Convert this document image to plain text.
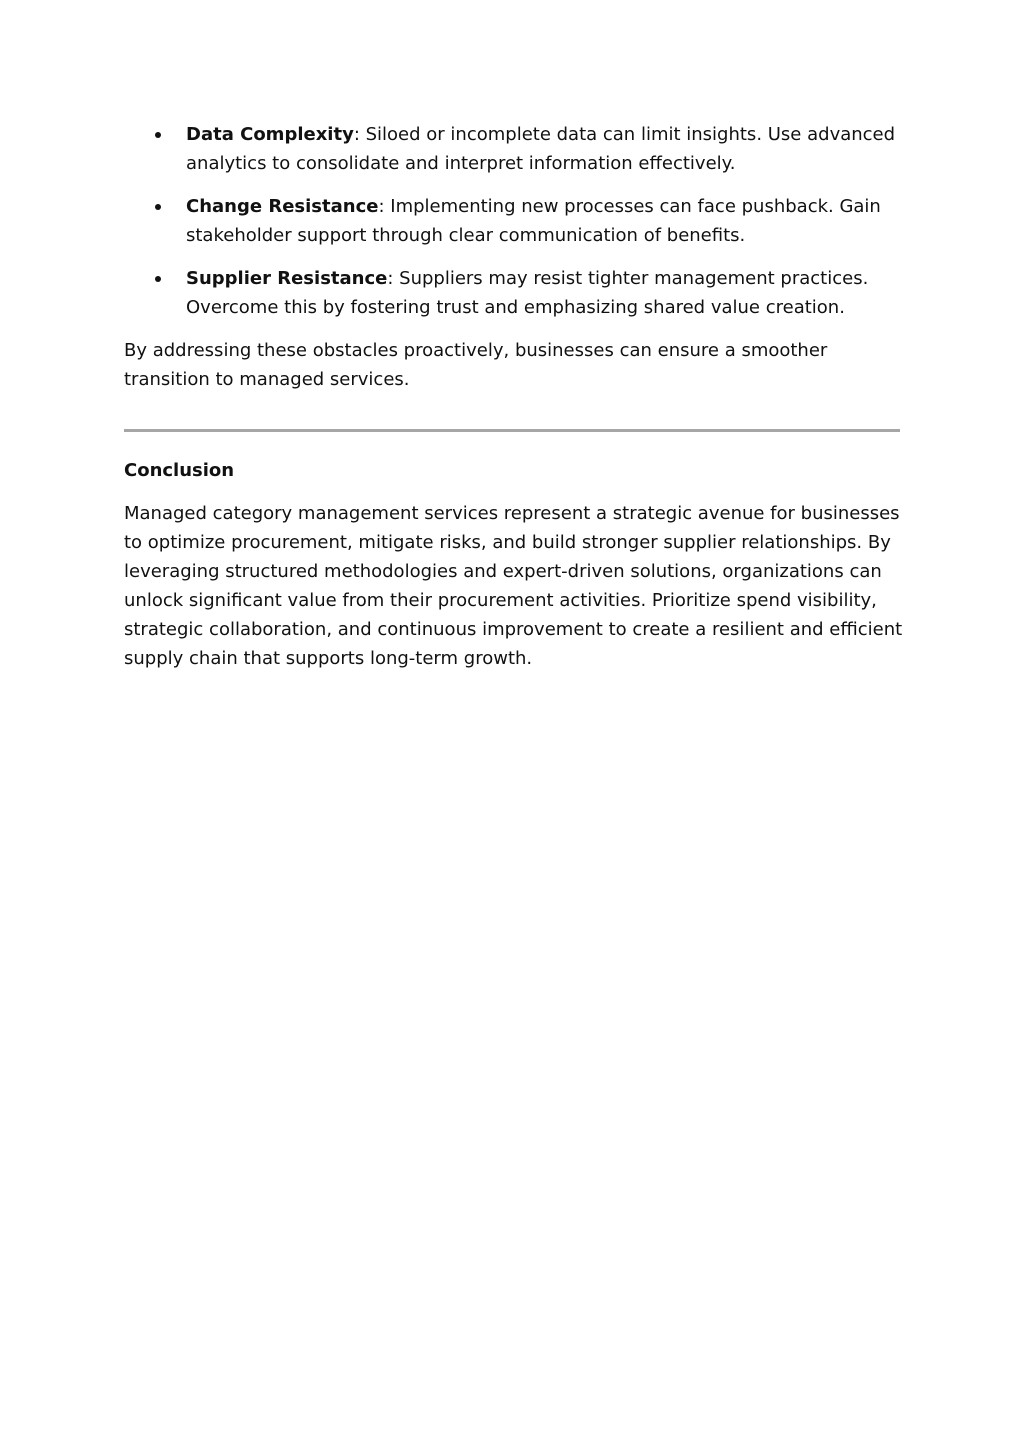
Data Complexity: Siloed or incomplete data can limit insights. Use advanced analytics to consolidate and interpret information effectively.
Change Resistance: Implementing new processes can face pushback. Gain stakeholder support through clear communication of benefits.
Supplier Resistance: Suppliers may resist tighter management practices. Overcome this by fostering trust and emphasizing shared value creation.

By addressing these obstacles proactively, businesses can ensure a smoother transition to managed services.

Conclusion

Managed category management services represent a strategic avenue for businesses to optimize procurement, mitigate risks, and build stronger supplier relationships. By leveraging structured methodologies and expert-driven solutions, organizations can unlock significant value from their procurement activities. Prioritize spend visibility, strategic collaboration, and continuous improvement to create a resilient and efficient supply chain that supports long-term growth.
